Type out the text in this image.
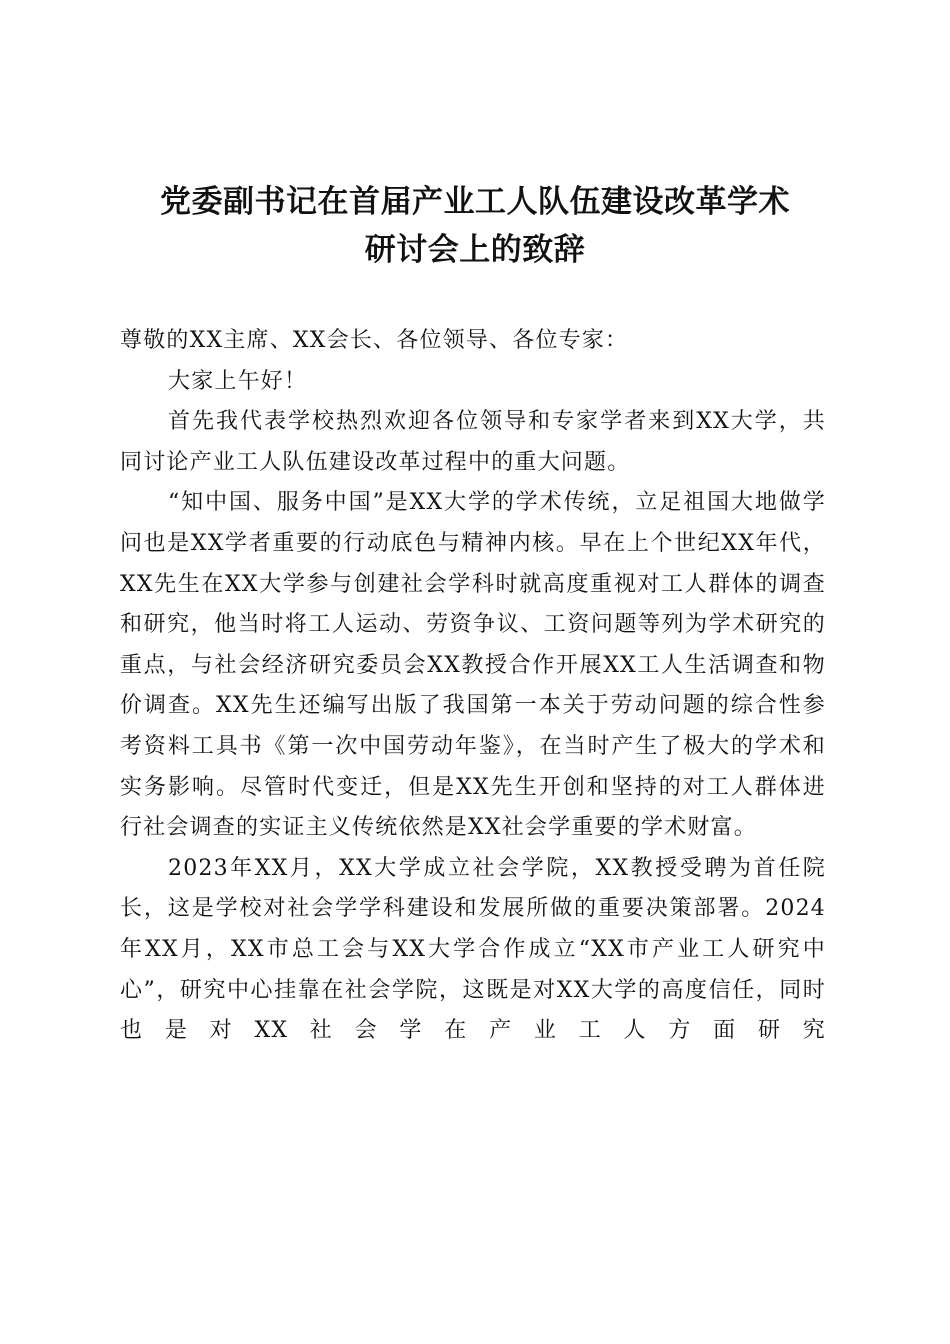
党委副书记在首届产业工人队伍建设改革学术
研讨会上的致辞

尊敬的XX主席、XX会长、各位领导、各位专家：

大家上午好！

首先我代表学校热烈欢迎各位领导和专家学者来到XX大学，共同讨论产业工人队伍建设改革过程中的重大问题。

“知中国、服务中国”是XX大学的学术传统，立足祖国大地做学问也是XX学者重要的行动底色与精神内核。早在上个世纪XX年代，XX先生在XX大学参与创建社会学科时就高度重视对工人群体的调查和研究，他当时将工人运动、劳资争议、工资问题等列为学术研究的重点，与社会经济研究委员会XX教授合作开展XX工人生活调查和物价调查。XX先生还编写出版了我国第一本关于劳动问题的综合性参考资料工具书《第一次中国劳动年鉴》，在当时产生了极大的学术和实务影响。尽管时代变迁，但是XX先生开创和坚持的对工人群体进行社会调查的实证主义传统依然是XX社会学重要的学术财富。

2023年XX月，XX大学成立社会学院，XX教授受聘为首任院长，这是学校对社会学学科建设和发展所做的重要决策部署。2024年XX月，XX市总工会与XX大学合作成立“XX市产业工人研究中心”，研究中心挂靠在社会学院，这既是对XX大学的高度信任，同时也是对XX社会学在产业工人方面研究
